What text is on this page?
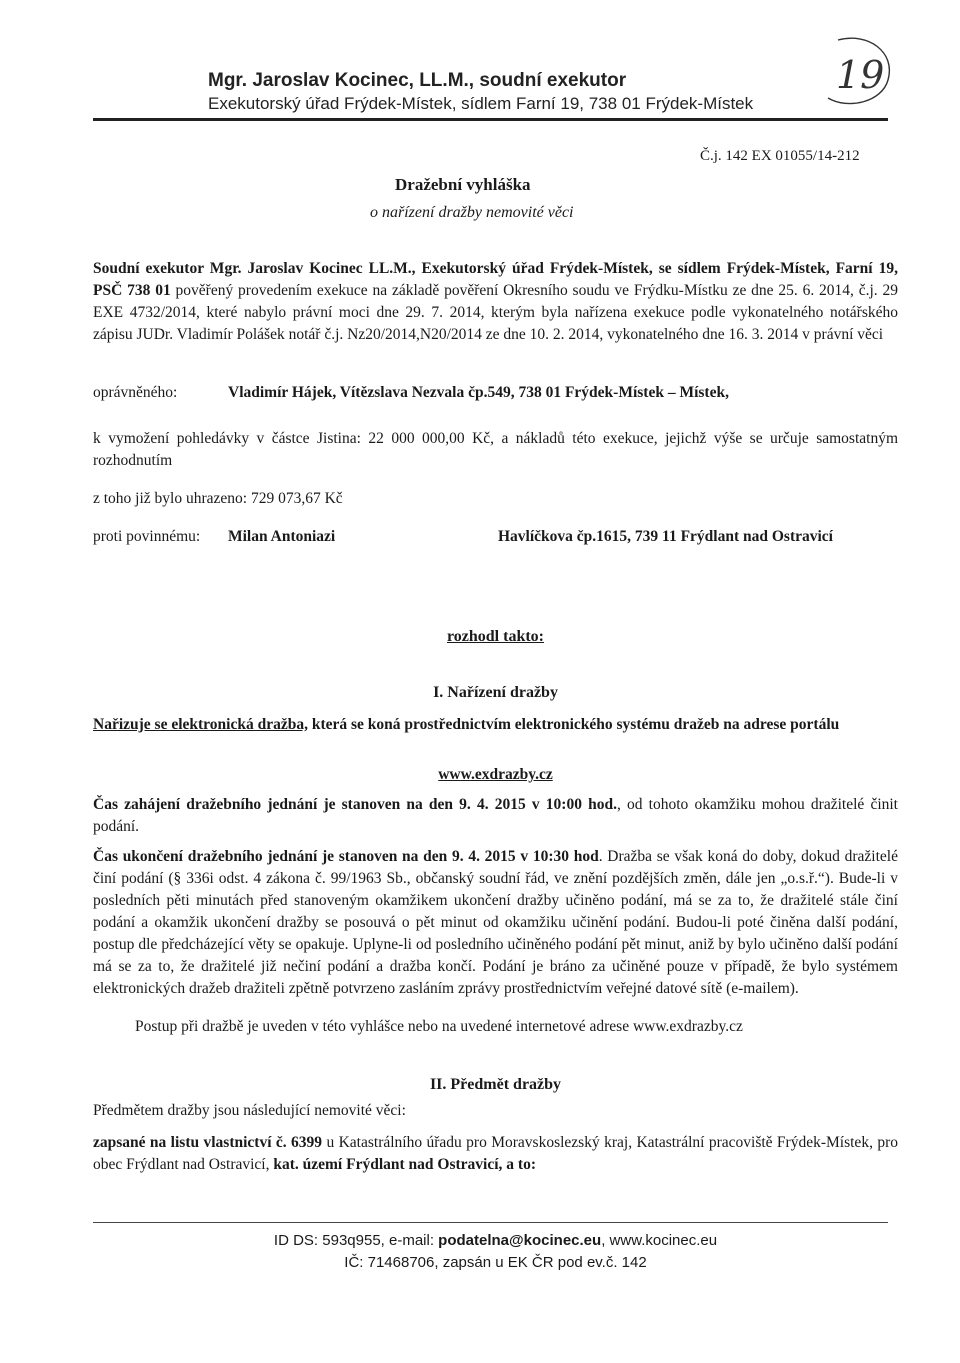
Mgr. Jaroslav Kocinec, LL.M., soudní exekutor
Exekutorský úřad Frýdek-Místek, sídlem Farní 19, 738 01 Frýdek-Místek
19
Č.j. 142 EX 01055/14-212
Dražební vyhláška
o nařízení dražby nemovité věci
Soudní exekutor Mgr. Jaroslav Kocinec LL.M., Exekutorský úřad Frýdek-Místek, se sídlem Frýdek-Místek, Farní 19, PSČ 738 01 pověřený provedením exekuce na základě pověření Okresního soudu ve Frýdku-Místku ze dne 25. 6. 2014, č.j. 29 EXE 4732/2014, které nabylo právní moci dne 29. 7. 2014, kterým byla nařízena exekuce podle vykonatelného notářského zápisu JUDr. Vladimír Polášek notář č.j. Nz20/2014,N20/2014 ze dne 10. 2. 2014, vykonatelného dne 16. 3. 2014 v právní věci
oprávněného:	Vladimír Hájek, Vítězslava Nezvala čp.549, 738 01 Frýdek-Místek – Místek,
k vymožení pohledávky v částce Jistina: 22 000 000,00 Kč, a nákladů této exekuce, jejichž výše se určuje samostatným rozhodnutím
z toho již bylo uhrazeno: 729 073,67 Kč
proti povinnému: Milan Antoniazi	Havlíčkova čp.1615, 739 11 Frýdlant nad Ostravicí
rozhodl takto:
I. Nařízení dražby
Nařizuje se elektronická dražba, která se koná prostřednictvím elektronického systému dražeb na adrese portálu
www.exdrazby.cz
Čas zahájení dražebního jednání je stanoven na den 9. 4. 2015 v 10:00 hod., od tohoto okamžiku mohou dražitelé činit podání.
Čas ukončení dražebního jednání je stanoven na den 9. 4. 2015 v 10:30 hod. Dražba se však koná do doby, dokud dražitelé činí podání (§ 336i odst. 4 zákona č. 99/1963 Sb., občanský soudní řád, ve znění pozdějších změn, dále jen „o.s.ř.“). Bude-li v posledních pěti minutách před stanoveným okamžikem ukončení dražby učiněno podání, má se za to, že dražitelé stále činí podání a okamžik ukončení dražby se posouvá o pět minut od okamžiku učinění podání. Budou-li poté činěna další podání, postup dle předcházející věty se opakuje. Uplyne-li od posledního učiněného podání pět minut, aniž by bylo učiněno další podání má se za to, že dražitelé již nečiní podání a dražba končí. Podání je bráno za učiněné pouze v případě, že bylo systémem elektronických dražeb dražiteli zpětně potvrzeno zasláním zprávy prostřednictvím veřejné datové sítě (e-mailem).
Postup při dražbě je uveden v této vyhlášce nebo na uvedené internetové adrese www.exdrazby.cz
II. Předmět dražby
Předmětem dražby jsou následující nemovité věci:
zapsané na listu vlastnictví č. 6399 u Katastrálního úřadu pro Moravskoslezský kraj, Katastrální pracoviště Frýdek-Místek, pro obec Frýdlant nad Ostravicí, kat. území Frýdlant nad Ostravicí, a to:
ID DS: 593q955, e-mail: podatelna@kocinec.eu, www.kocinec.eu
IČ: 71468706, zapsán u EK ČR pod ev.č. 142
